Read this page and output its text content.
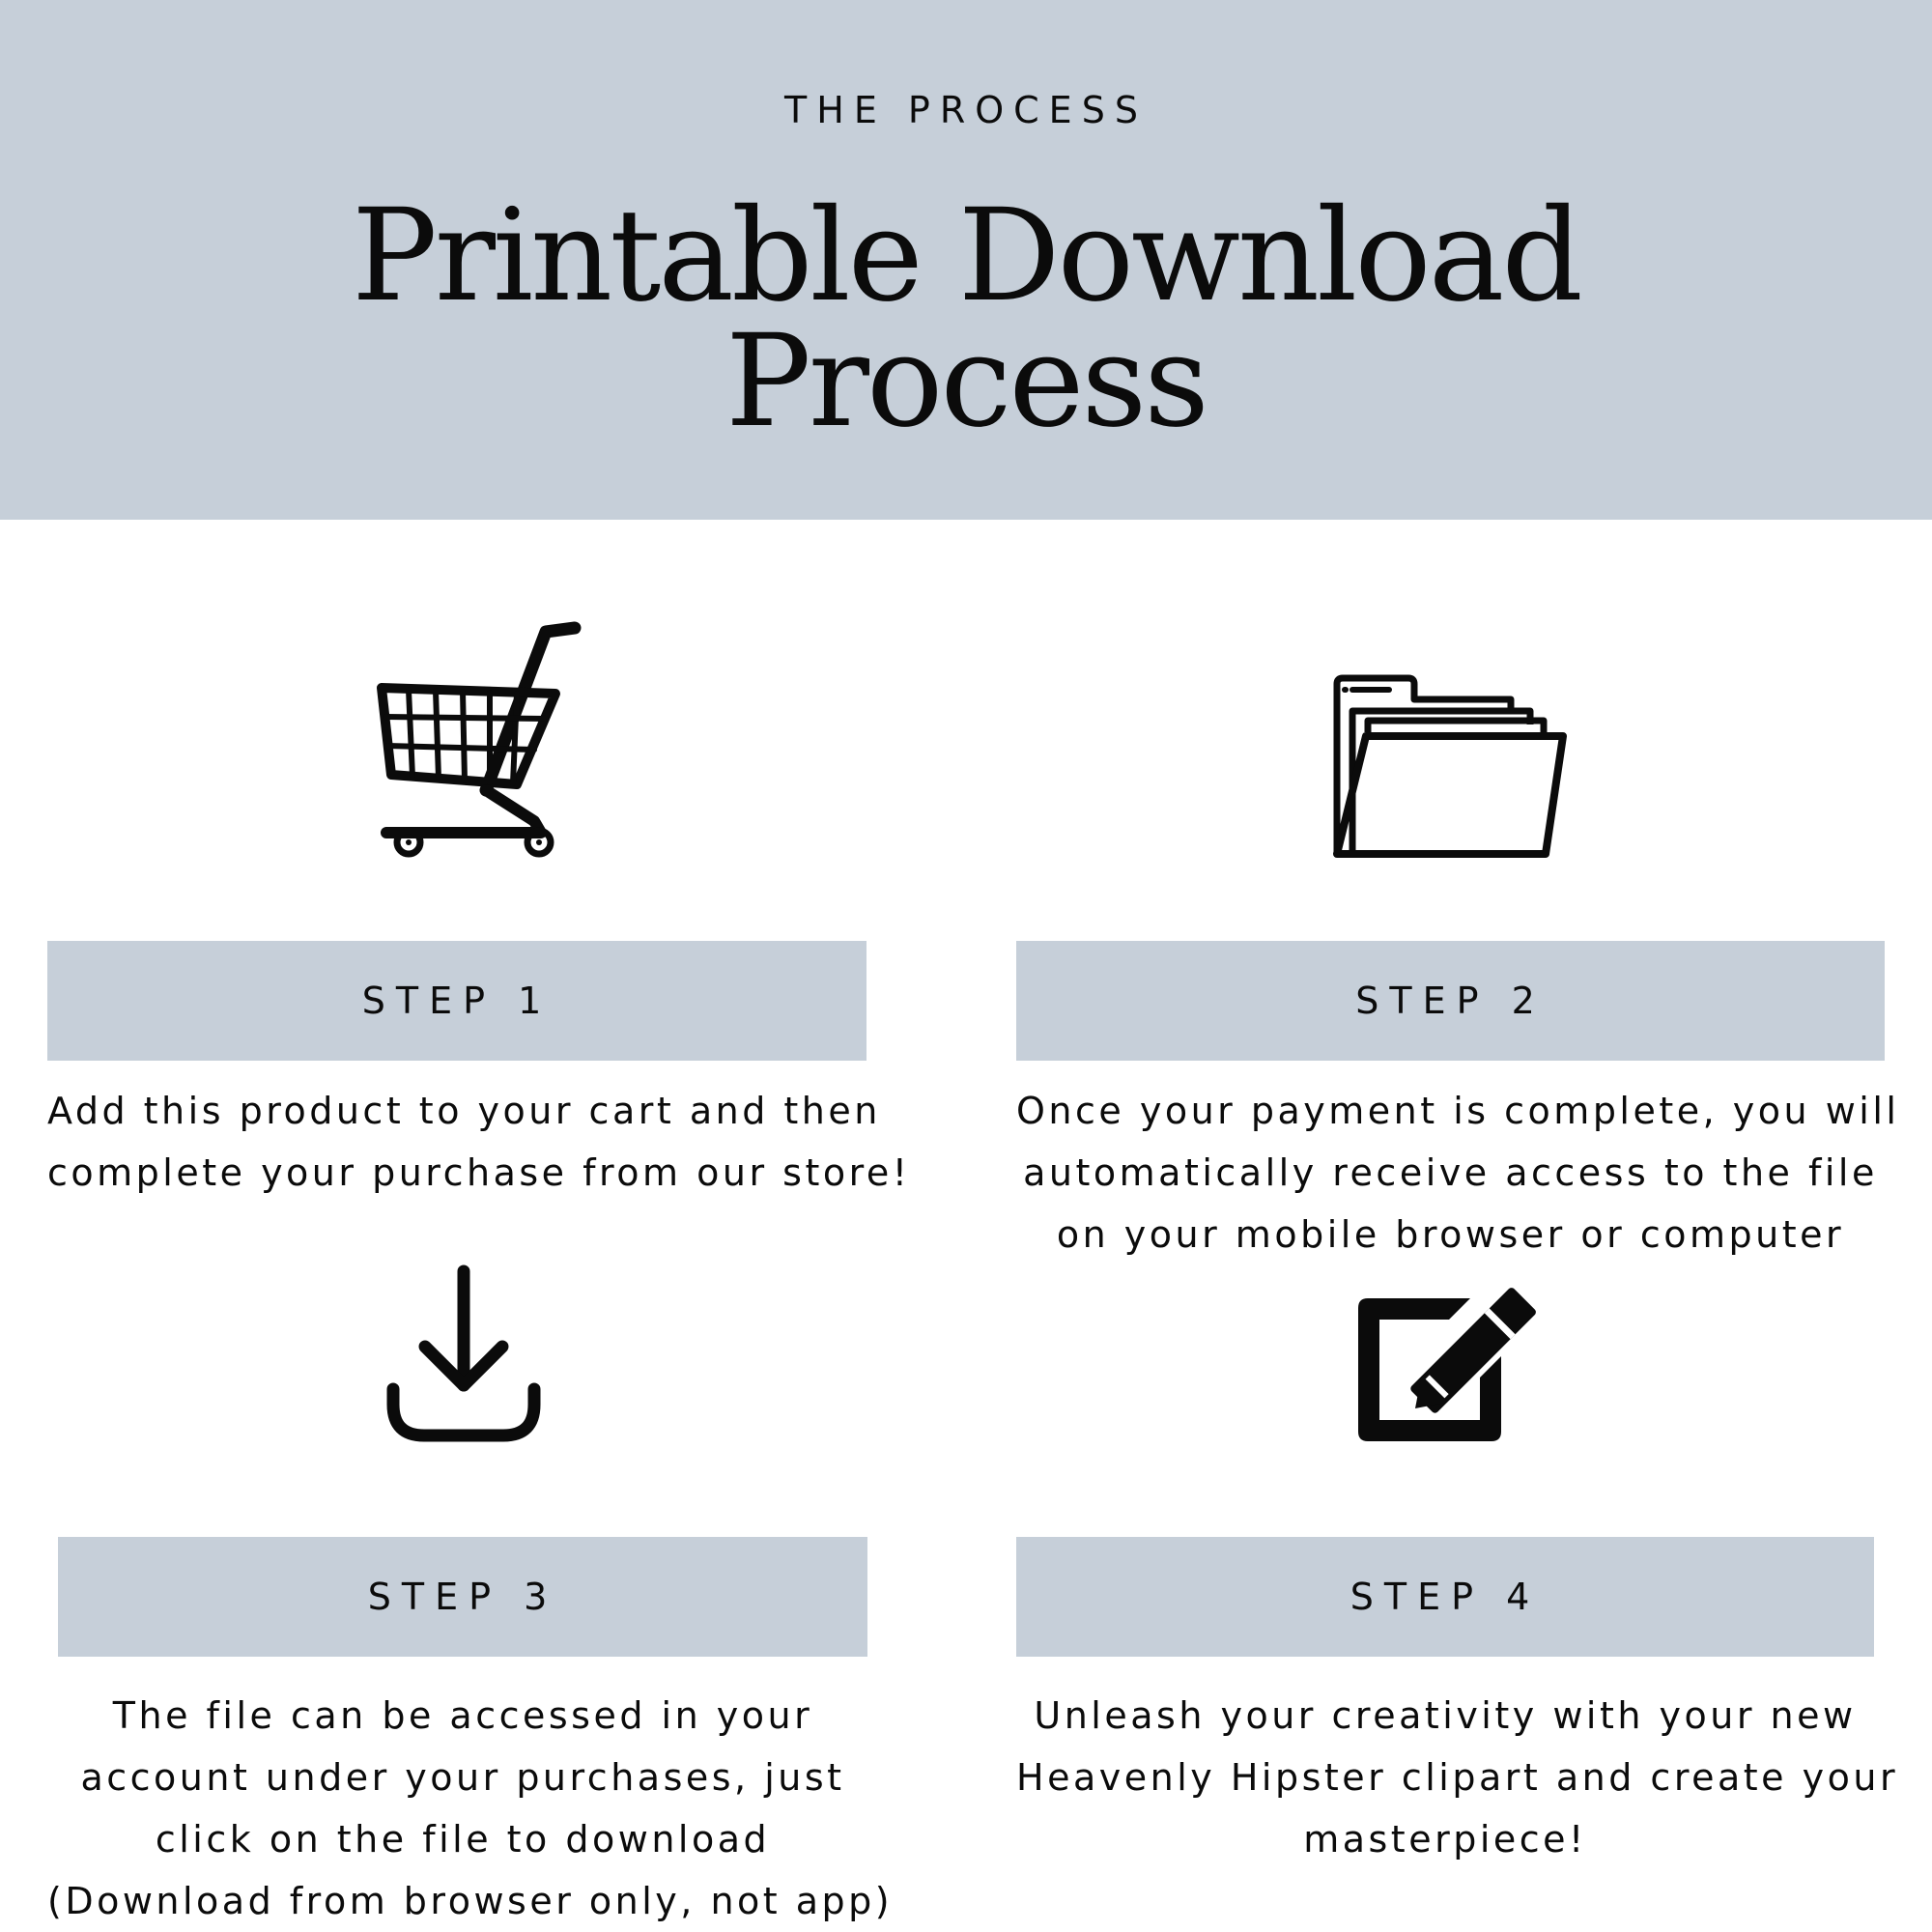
THE PROCESS
Printable Download
Process
STEP 1	STEP 2
Add this product to your cart and then
complete your purchase from our store!
Once your payment is complete, you will
automatically receive access to the file
on your mobile browser or computer
STEP 3	STEP 4
The file can be accessed in your
account under your purchases, just
click on the file to download
(Download from browser only, not app)
Unleash your creativity with your new
Heavenly Hipster clipart and create your
masterpiece!
